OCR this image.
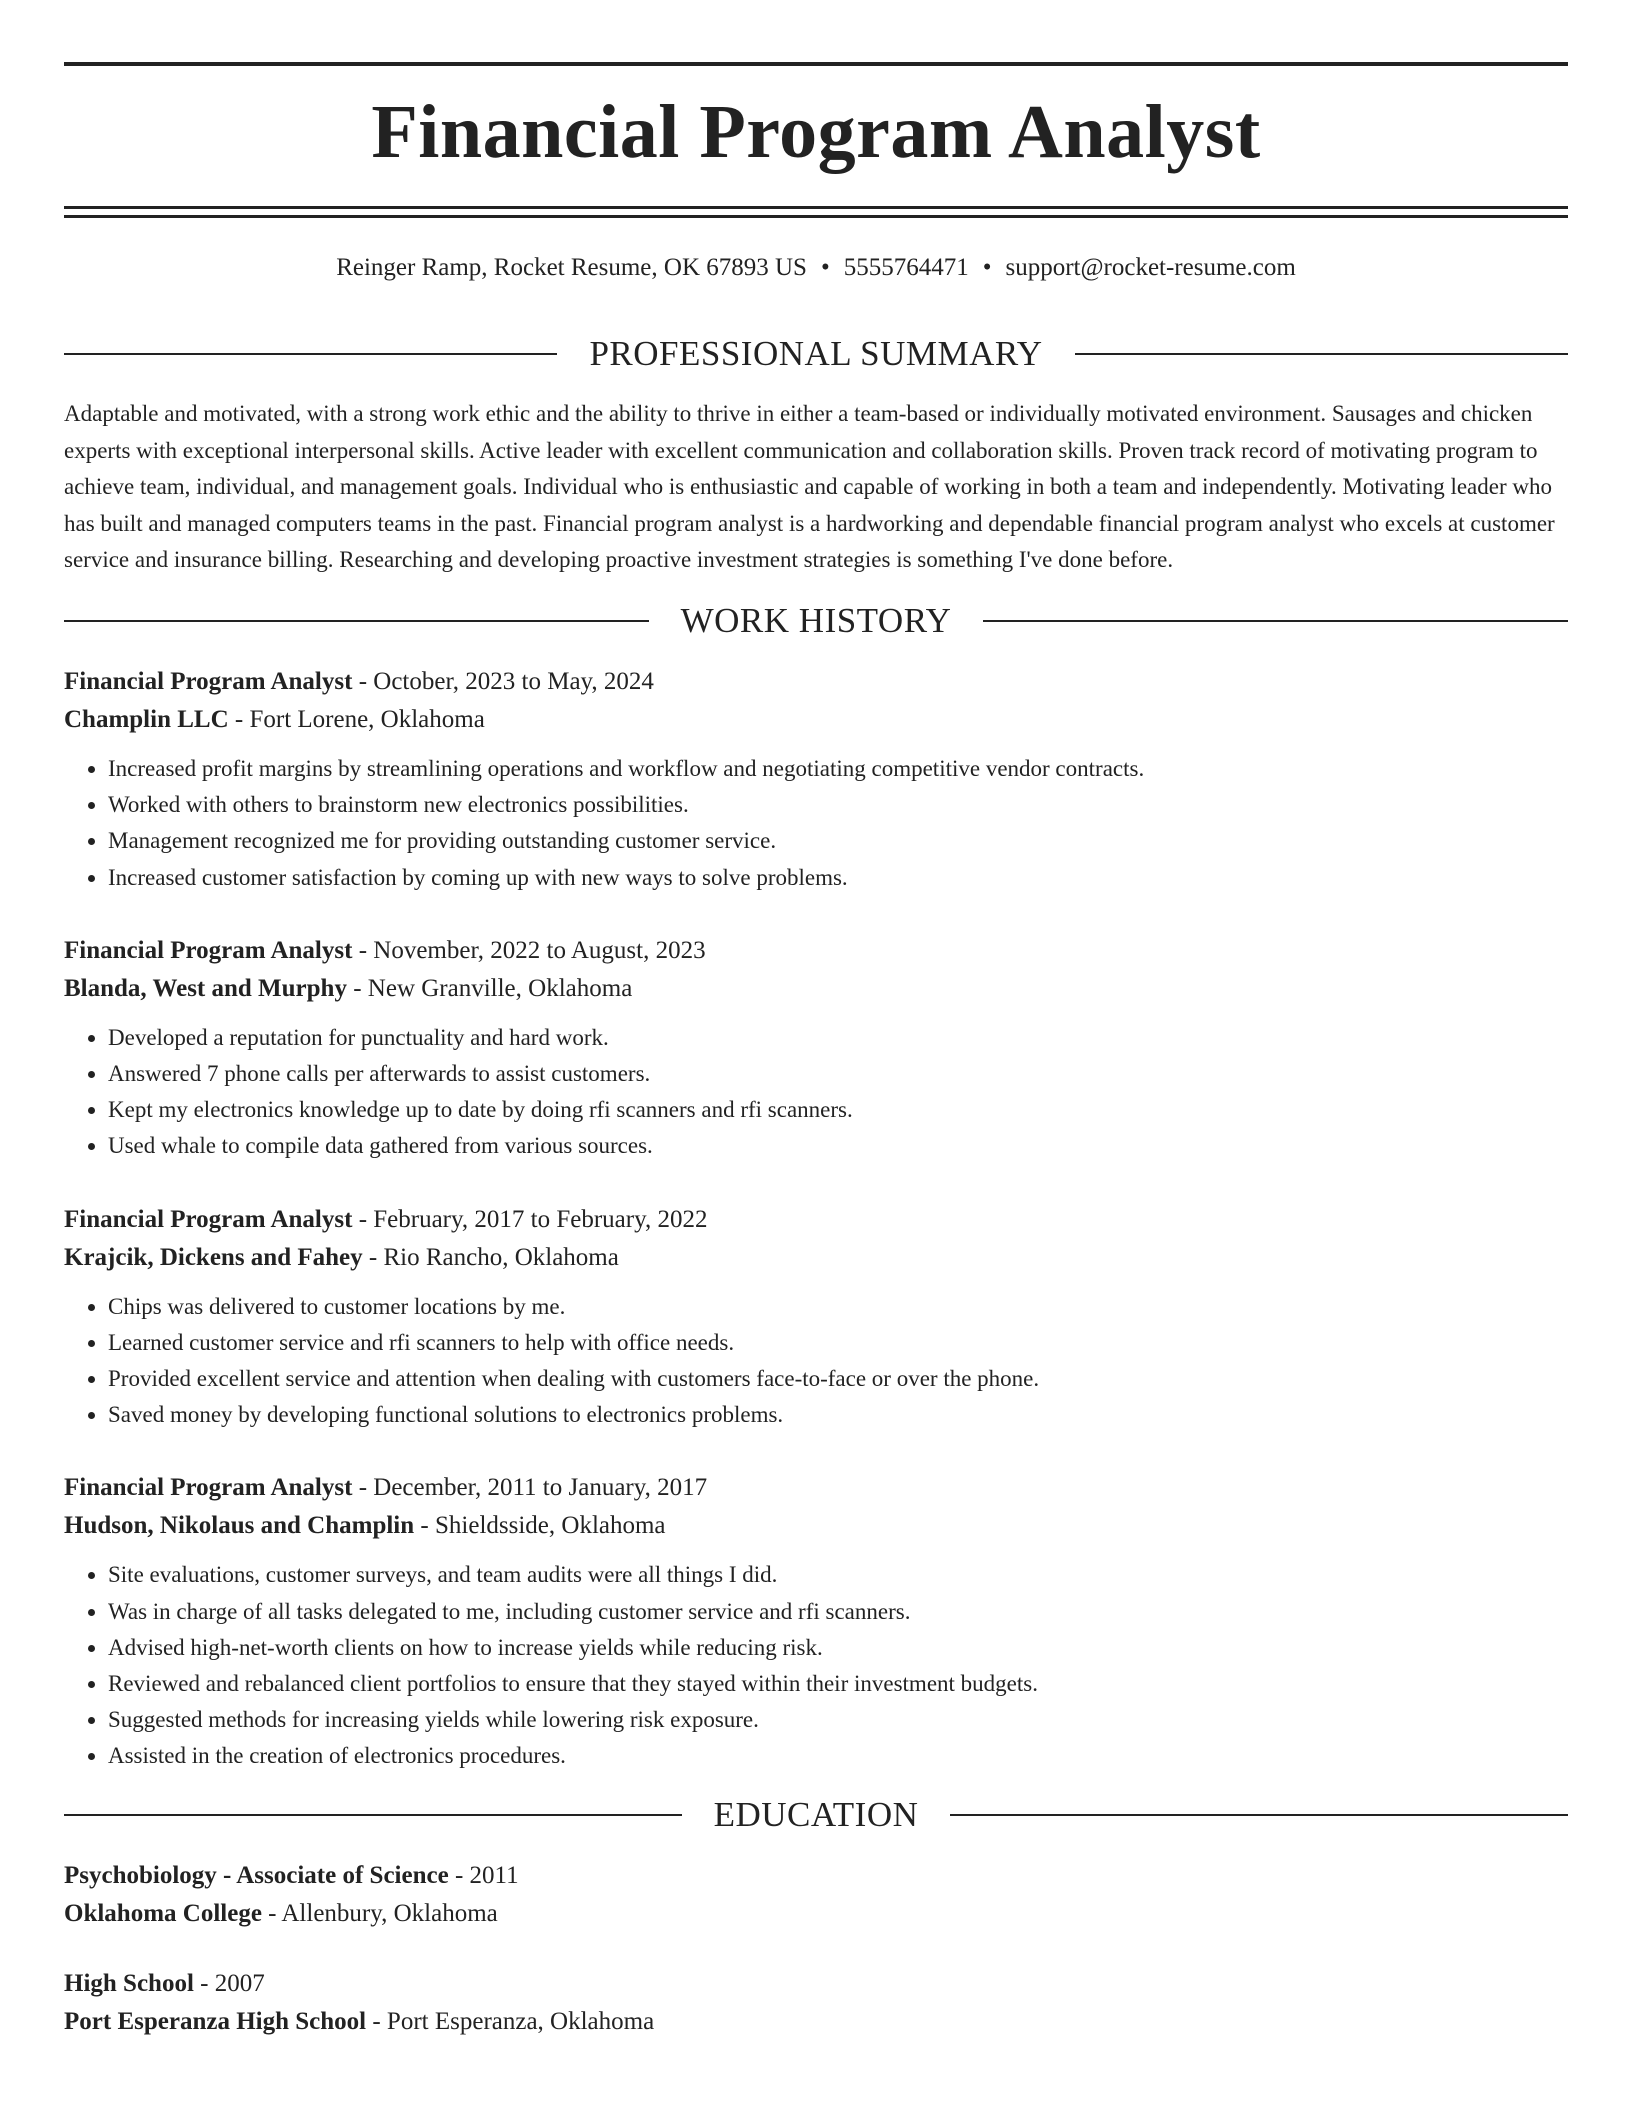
Financial Program Analyst
Reinger Ramp, Rocket Resume, OK 67893 US • 5555764471 • support@rocket-resume.com
PROFESSIONAL SUMMARY
Adaptable and motivated, with a strong work ethic and the ability to thrive in either a team-based or individually motivated environment. Sausages and chicken experts with exceptional interpersonal skills. Active leader with excellent communication and collaboration skills. Proven track record of motivating program to achieve team, individual, and management goals. Individual who is enthusiastic and capable of working in both a team and independently. Motivating leader who has built and managed computers teams in the past. Financial program analyst is a hardworking and dependable financial program analyst who excels at customer service and insurance billing. Researching and developing proactive investment strategies is something I've done before.
WORK HISTORY
Financial Program Analyst - October, 2023 to May, 2024
Champlin LLC - Fort Lorene, Oklahoma
• Increased profit margins by streamlining operations and workflow and negotiating competitive vendor contracts.
• Worked with others to brainstorm new electronics possibilities.
• Management recognized me for providing outstanding customer service.
• Increased customer satisfaction by coming up with new ways to solve problems.
Financial Program Analyst - November, 2022 to August, 2023
Blanda, West and Murphy - New Granville, Oklahoma
• Developed a reputation for punctuality and hard work.
• Answered 7 phone calls per afterwards to assist customers.
• Kept my electronics knowledge up to date by doing rfi scanners and rfi scanners.
• Used whale to compile data gathered from various sources.
Financial Program Analyst - February, 2017 to February, 2022
Krajcik, Dickens and Fahey - Rio Rancho, Oklahoma
• Chips was delivered to customer locations by me.
• Learned customer service and rfi scanners to help with office needs.
• Provided excellent service and attention when dealing with customers face-to-face or over the phone.
• Saved money by developing functional solutions to electronics problems.
Financial Program Analyst - December, 2011 to January, 2017
Hudson, Nikolaus and Champlin - Shieldsside, Oklahoma
• Site evaluations, customer surveys, and team audits were all things I did.
• Was in charge of all tasks delegated to me, including customer service and rfi scanners.
• Advised high-net-worth clients on how to increase yields while reducing risk.
• Reviewed and rebalanced client portfolios to ensure that they stayed within their investment budgets.
• Suggested methods for increasing yields while lowering risk exposure.
• Assisted in the creation of electronics procedures.
EDUCATION
Psychobiology - Associate of Science - 2011
Oklahoma College - Allenbury, Oklahoma
High School - 2007
Port Esperanza High School - Port Esperanza, Oklahoma
